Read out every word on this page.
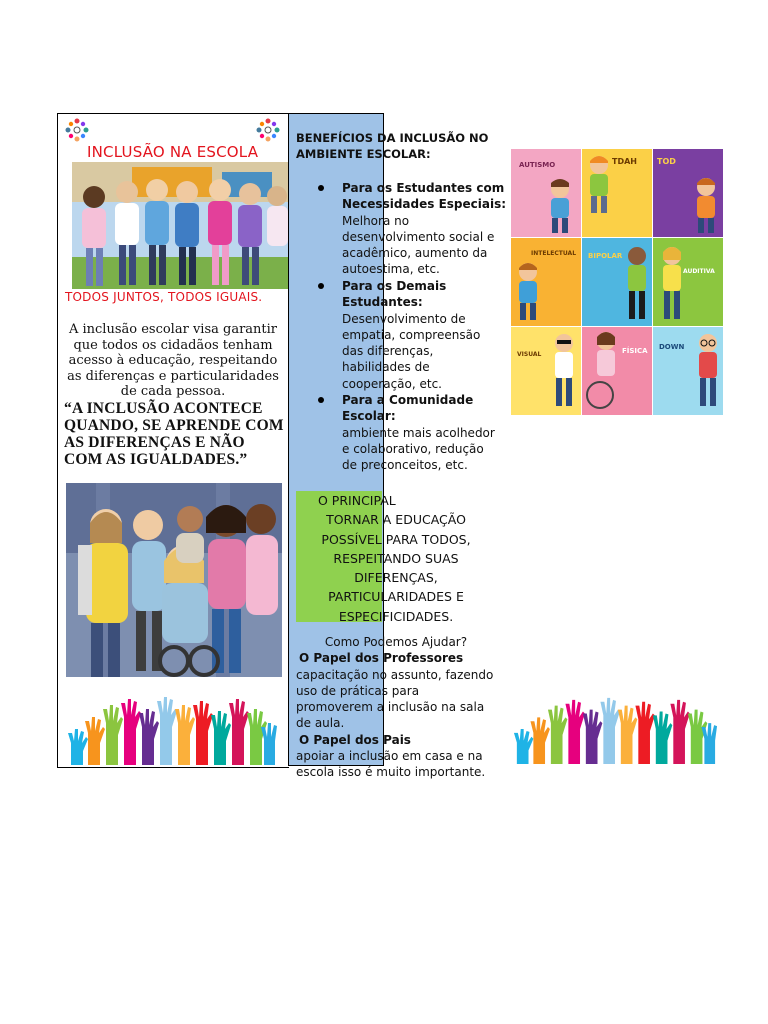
INCLUSÃO NA ESCOLA
TODOS JUNTOS, TODOS IGUAIS.
A inclusão escolar visa garantir que todos os cidadãos tenham acesso à educação, respeitando as diferenças e particularidades de cada pessoa.
“A INCLUSÃO ACONTECE QUANDO, SE APRENDE COM AS DIFERENÇAS E NÃO COM AS IGUALDADES.”
BENEFÍCIOS DA INCLUSÃO NO AMBIENTE ESCOLAR:
Para os Estudantes com Necessidades Especiais:
Melhora no desenvolvimento social e acadêmico, aumento da autoestima, etc.
Para os Demais Estudantes:
Desenvolvimento de empatia, compreensão das diferenças, habilidades de cooperação, etc.
Para a Comunidade Escolar:
ambiente mais acolhedor e colaborativo, redução de preconceitos, etc.
O PRINCIPAL
TORNAR A EDUCAÇÃO POSSÍVEL PARA TODOS, RESPEITANDO SUAS DIFERENÇAS, PARTICULARIDADES E ESPECIFICIDADES.
Como Podemos Ajudar?
O Papel dos Professores
capacitação no assunto, fazendo uso de práticas para promoverem a inclusão na sala de aula.
O Papel dos Pais
apoiar a inclusão em casa e na escola isso é muito importante.
AUTISMO	TDAH	TOD
INTELECTUAL BIPOLAR
AUDITIVA
VISUAL	FÍSICA DOWN
